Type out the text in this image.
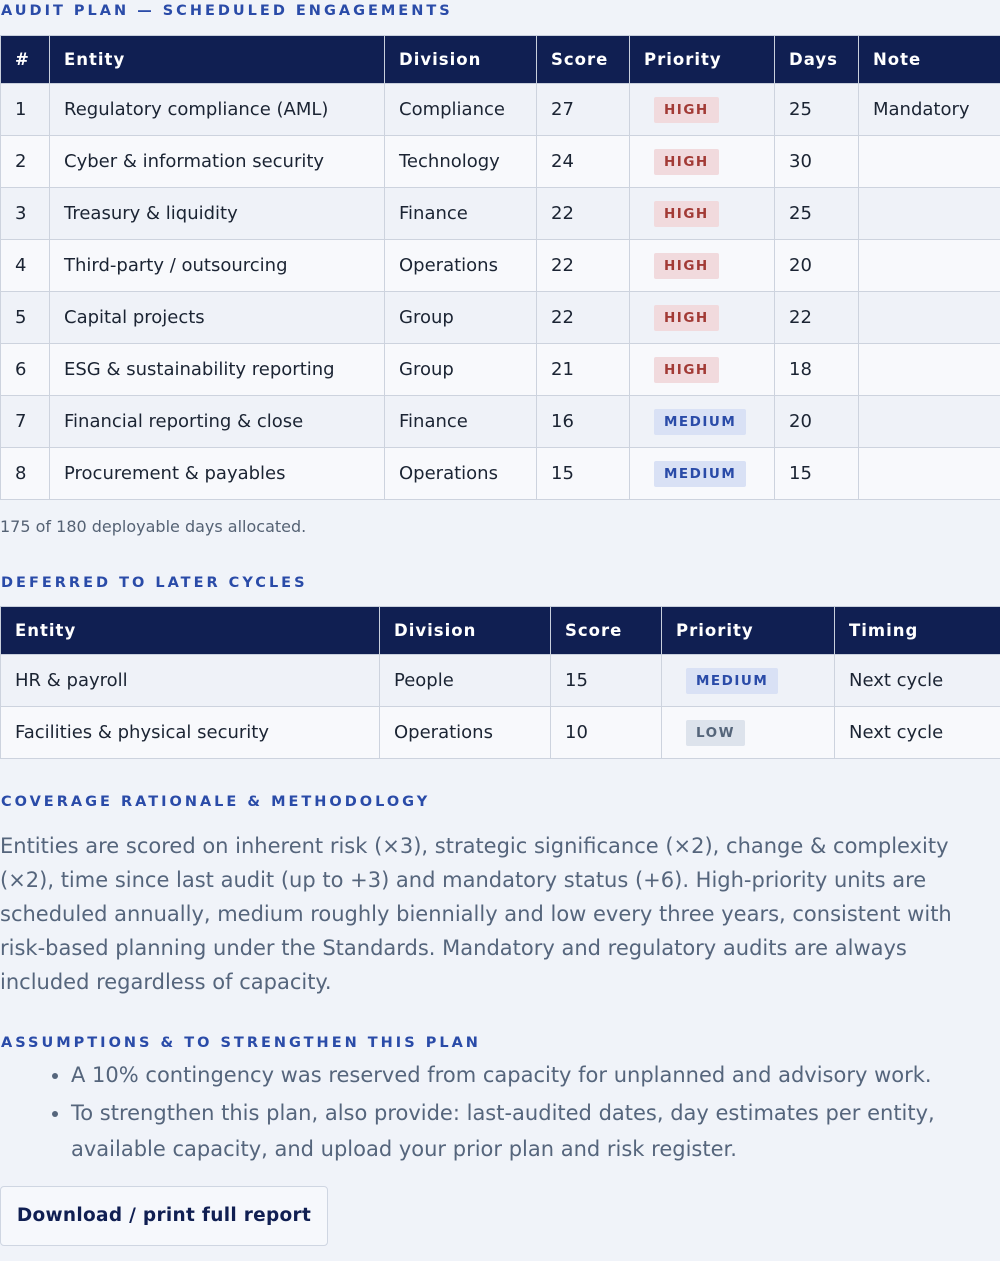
AUDIT PLAN — SCHEDULED ENGAGEMENTS
#	Entity	Division	Score	Priority	Days	Note
1	Regulatory compliance (AML)	Compliance	27	HIGH	25	Mandatory
2	Cyber & information security	Technology	24	HIGH	30	
3	Treasury & liquidity	Finance	22	HIGH	25	
4	Third-party / outsourcing	Operations	22	HIGH	20	
5	Capital projects	Group	22	HIGH	22	
6	ESG & sustainability reporting	Group	21	HIGH	18	
7	Financial reporting & close	Finance	16	MEDIUM	20	
8	Procurement & payables	Operations	15	MEDIUM	15	

175 of 180 deployable days allocated.

DEFERRED TO LATER CYCLES
Entity	Division	Score	Priority	Timing
HR & payroll	People	15	MEDIUM	Next cycle
Facilities & physical security	Operations	10	LOW	Next cycle
COVERAGE RATIONALE & METHODOLOGY

Entities are scored on inherent risk (×3), strategic significance (×2), change & complexity (×2), time since last audit (up to +3) and mandatory status (+6). High-priority units are scheduled annually, medium roughly biennially and low every three years, consistent with risk-based planning under the Standards. Mandatory and regulatory audits are always included regardless of capacity.

ASSUMPTIONS & TO STRENGTHEN THIS PLAN
• A 10% contingency was reserved from capacity for unplanned and advisory work.
• To strengthen this plan, also provide: last-audited dates, day estimates per entity, available capacity, and upload your prior plan and risk register.
Download / print full report
